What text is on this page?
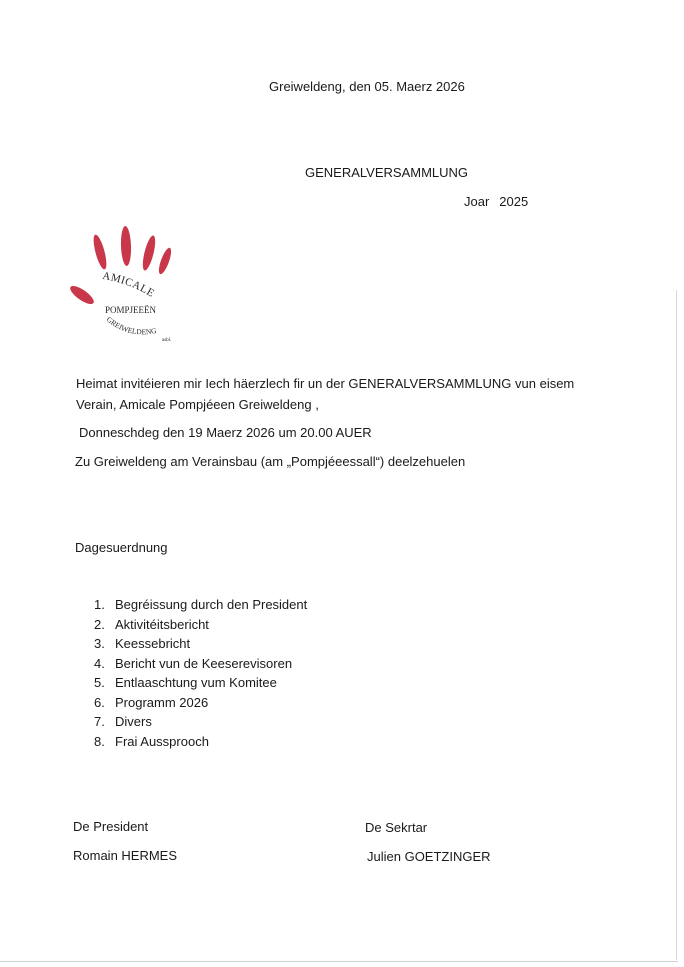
Greiweldeng, den 05. Maerz 2026
GENERALVERSAMMLUNG
Joar 2025
AMICALE
POMPJEEËN
GREIWELDENG
asbl.
Heimat invitéieren mir Iech häerzlech fir un der GENERALVERSAMMLUNG vun eisem
Verain, Amicale Pompjéeen Greiweldeng ,
Donneschdeg den 19 Maerz 2026 um 20.00 AUER
Zu Greiweldeng am Verainsbau (am „Pompjéeessall“) deelzehuelen
Dagesuerdnung
1. Begréissung durch den President
2. Aktivitéitsbericht
3. Keessebricht
4. Bericht vun de Keeserevisoren
5. Entlaaschtung vum Komitee
6. Programm 2026
7. Divers
8. Frai Aussprooch
De President
Romain HERMES
De Sekrtar
Julien GOETZINGER
